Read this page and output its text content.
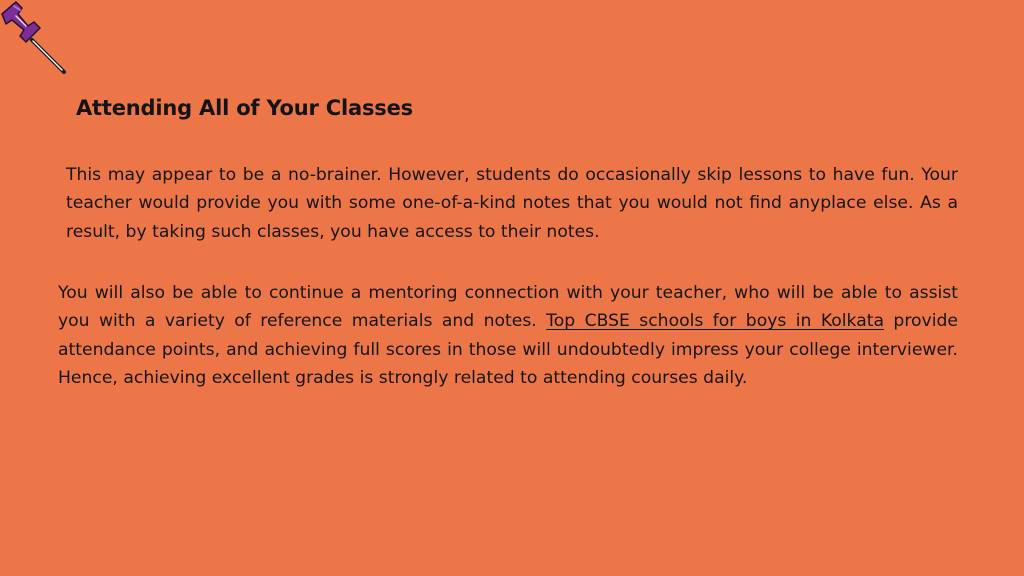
Attending All of Your Classes

This may appear to be a no-brainer. However, students do occasionally skip lessons to have fun. Your teacher would provide you with some one-of-a-kind notes that you would not find anyplace else. As a result, by taking such classes, you have access to their notes.

You will also be able to continue a mentoring connection with your teacher, who will be able to assist you with a variety of reference materials and notes. Top CBSE schools for boys in Kolkata provide attendance points, and achieving full scores in those will undoubtedly impress your college interviewer. Hence, achieving excellent grades is strongly related to attending courses daily.
